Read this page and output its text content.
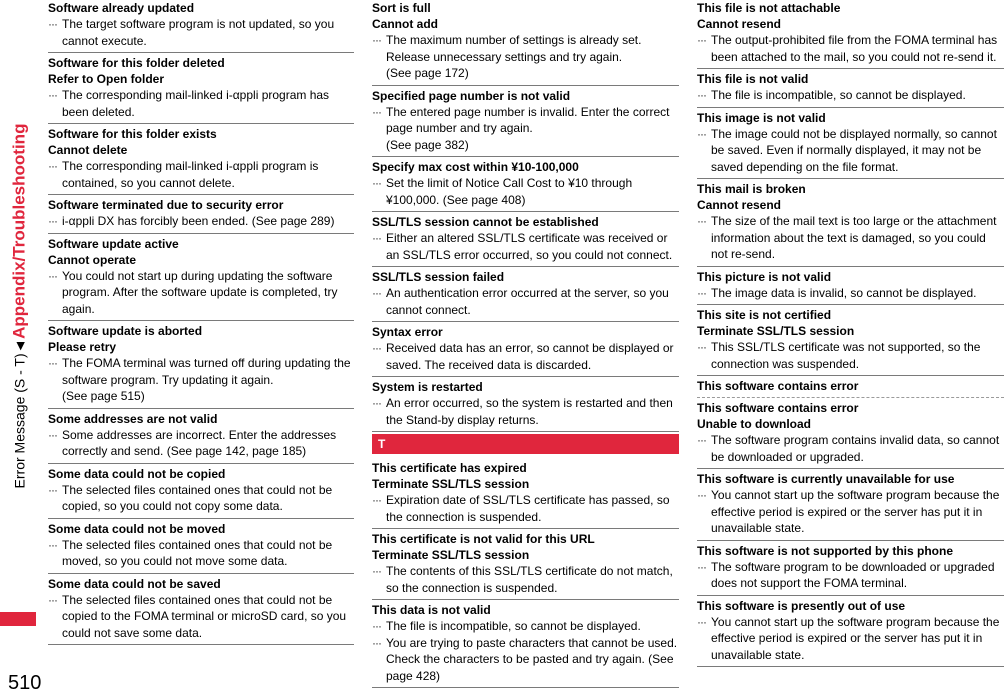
Error Message (S - T)
◀
Appendix/Troubleshooting
510
Software already updated
··· The target software program is not updated, so you cannot execute.
Software for this folder deleted
Refer to Open folder
··· The corresponding mail-linked i-αppli program has been deleted.
Software for this folder exists
Cannot delete
··· The corresponding mail-linked i-αppli program is contained, so you cannot delete.
Software terminated due to security error
··· i-αppli DX has forcibly been ended. (See page 289)
Software update active
Cannot operate
··· You could not start up during updating the software program. After the software update is completed, try again.
Software update is aborted
Please retry
··· The FOMA terminal was turned off during updating the software program. Try updating it again.
(See page 515)
Some addresses are not valid
··· Some addresses are incorrect. Enter the addresses correctly and send. (See page 142, page 185)
Some data could not be copied
··· The selected files contained ones that could not be copied, so you could not copy some data.
Some data could not be moved
··· The selected files contained ones that could not be moved, so you could not move some data.
Some data could not be saved
··· The selected files contained ones that could not be copied to the FOMA terminal or microSD card, so you could not save some data.
Sort is full
Cannot add
··· The maximum number of settings is already set. Release unnecessary settings and try again.
(See page 172)
Specified page number is not valid
··· The entered page number is invalid. Enter the correct page number and try again.
(See page 382)
Specify max cost within ¥10-100,000
··· Set the limit of Notice Call Cost to ¥10 through ¥100,000. (See page 408)
SSL/TLS session cannot be established
··· Either an altered SSL/TLS certificate was received or an SSL/TLS error occurred, so you could not connect.
SSL/TLS session failed
··· An authentication error occurred at the server, so you cannot connect.
Syntax error
··· Received data has an error, so cannot be displayed or saved. The received data is discarded.
System is restarted
··· An error occurred, so the system is restarted and then the Stand-by display returns.
T
This certificate has expired
Terminate SSL/TLS session
··· Expiration date of SSL/TLS certificate has passed, so the connection is suspended.
This certificate is not valid for this URL
Terminate SSL/TLS session
··· The contents of this SSL/TLS certificate do not match, so the connection is suspended.
This data is not valid
··· The file is incompatible, so cannot be displayed.
··· You are trying to paste characters that cannot be used. Check the characters to be pasted and try again. (See page 428)
This file is not attachable
Cannot resend
··· The output-prohibited file from the FOMA terminal has been attached to the mail, so you could not re-send it.
This file is not valid
··· The file is incompatible, so cannot be displayed.
This image is not valid
··· The image could not be displayed normally, so cannot be saved. Even if normally displayed, it may not be saved depending on the file format.
This mail is broken
Cannot resend
··· The size of the mail text is too large or the attachment information about the text is damaged, so you could not re-send.
This picture is not valid
··· The image data is invalid, so cannot be displayed.
This site is not certified
Terminate SSL/TLS session
··· This SSL/TLS certificate was not supported, so the connection was suspended.
This software contains error
This software contains error
Unable to download
··· The software program contains invalid data, so cannot be downloaded or upgraded.
This software is currently unavailable for use
··· You cannot start up the software program because the effective period is expired or the server has put it in unavailable state.
This software is not supported by this phone
··· The software program to be downloaded or upgraded does not support the FOMA terminal.
This software is presently out of use
··· You cannot start up the software program because the effective period is expired or the server has put it in unavailable state.
